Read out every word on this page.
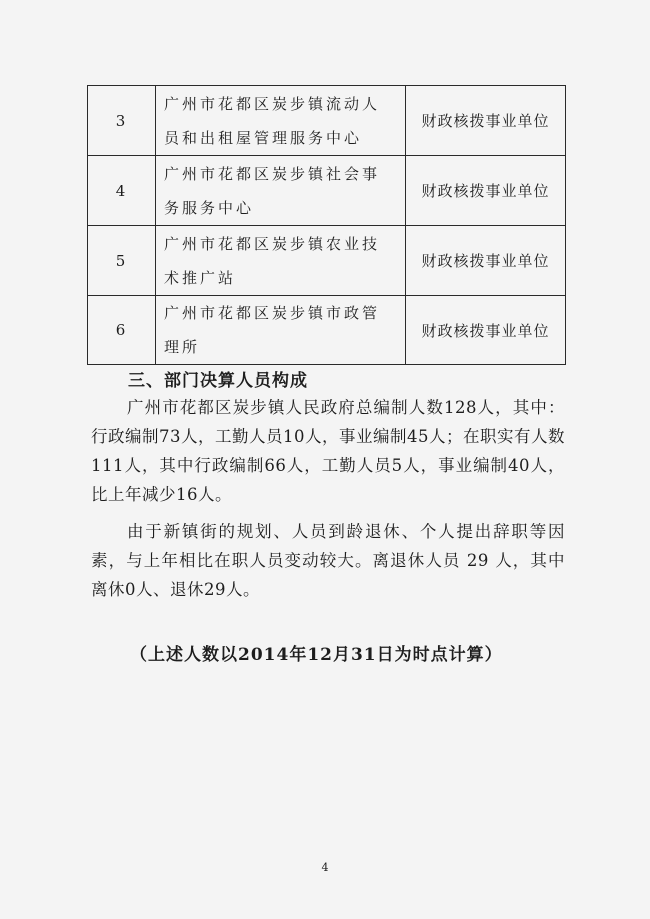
3	广州市花都区炭步镇流动人员和出租屋管理服务中心	财政核拨事业单位
4	广州市花都区炭步镇社会事务服务中心	财政核拨事业单位
5	广州市花都区炭步镇农业技术推广站	财政核拨事业单位
6	广州市花都区炭步镇市政管理所	财政核拨事业单位

三、部门决算人员构成

广州市花都区炭步镇人民政府总编制人数128人，其中：行政编制73人，工勤人员10人，事业编制45人；在职实有人数111人，其中行政编制66人，工勤人员5人，事业编制40人，比上年减少16人。

由于新镇街的规划、人员到龄退休、个人提出辞职等因素，与上年相比在职人员变动较大。离退休人员 29 人，其中离休0人、退休29人。

（上述人数以2014年12月31日为时点计算）

4
